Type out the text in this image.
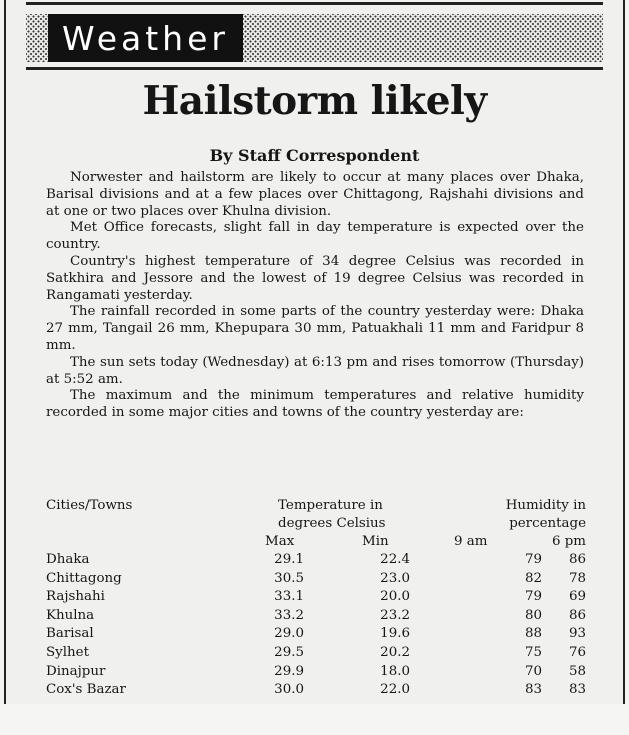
Weather
Hailstorm likely
By Staff Correspondent

Norwester and hailstorm are likely to occur at many places over Dhaka, Barisal divisions and at a few places over Chittagong, Rajshahi divisions and at one or two places over Khulna division.

Met Office forecasts, slight fall in day temperature is expected over the country.

Country's highest temperature of 34 degree Celsius was recorded in Satkhira and Jessore and the lowest of 19 degree Celsius was recorded in Rangamati yesterday.

The rainfall recorded in some parts of the country yesterday were: Dhaka 27 mm, Tangail 26 mm, Khepupara 30 mm, Patuakhali 11 mm and Faridpur 8 mm.

The sun sets today (Wednesday) at 6:13 pm and rises tomorrow (Thursday) at 5:52 am.

The maximum and the minimum temperatures and relative humidity recorded in some major cities and towns of the country yesterday are:

Cities/Towns	Temperature in
degrees Celsius
Humidity in
percentage
Max	Min	9 am	6 pm
Dhaka	29.1	22.4	79	86
Chittagong	30.5	23.0	82	78
Rajshahi	33.1	20.0	79	69
Khulna	33.2	23.2	80	86
Barisal	29.0	19.6	88	93
Sylhet	29.5	20.2	75	76
Dinajpur	29.9	18.0	70	58
Cox's Bazar	30.0	22.0	83	83
